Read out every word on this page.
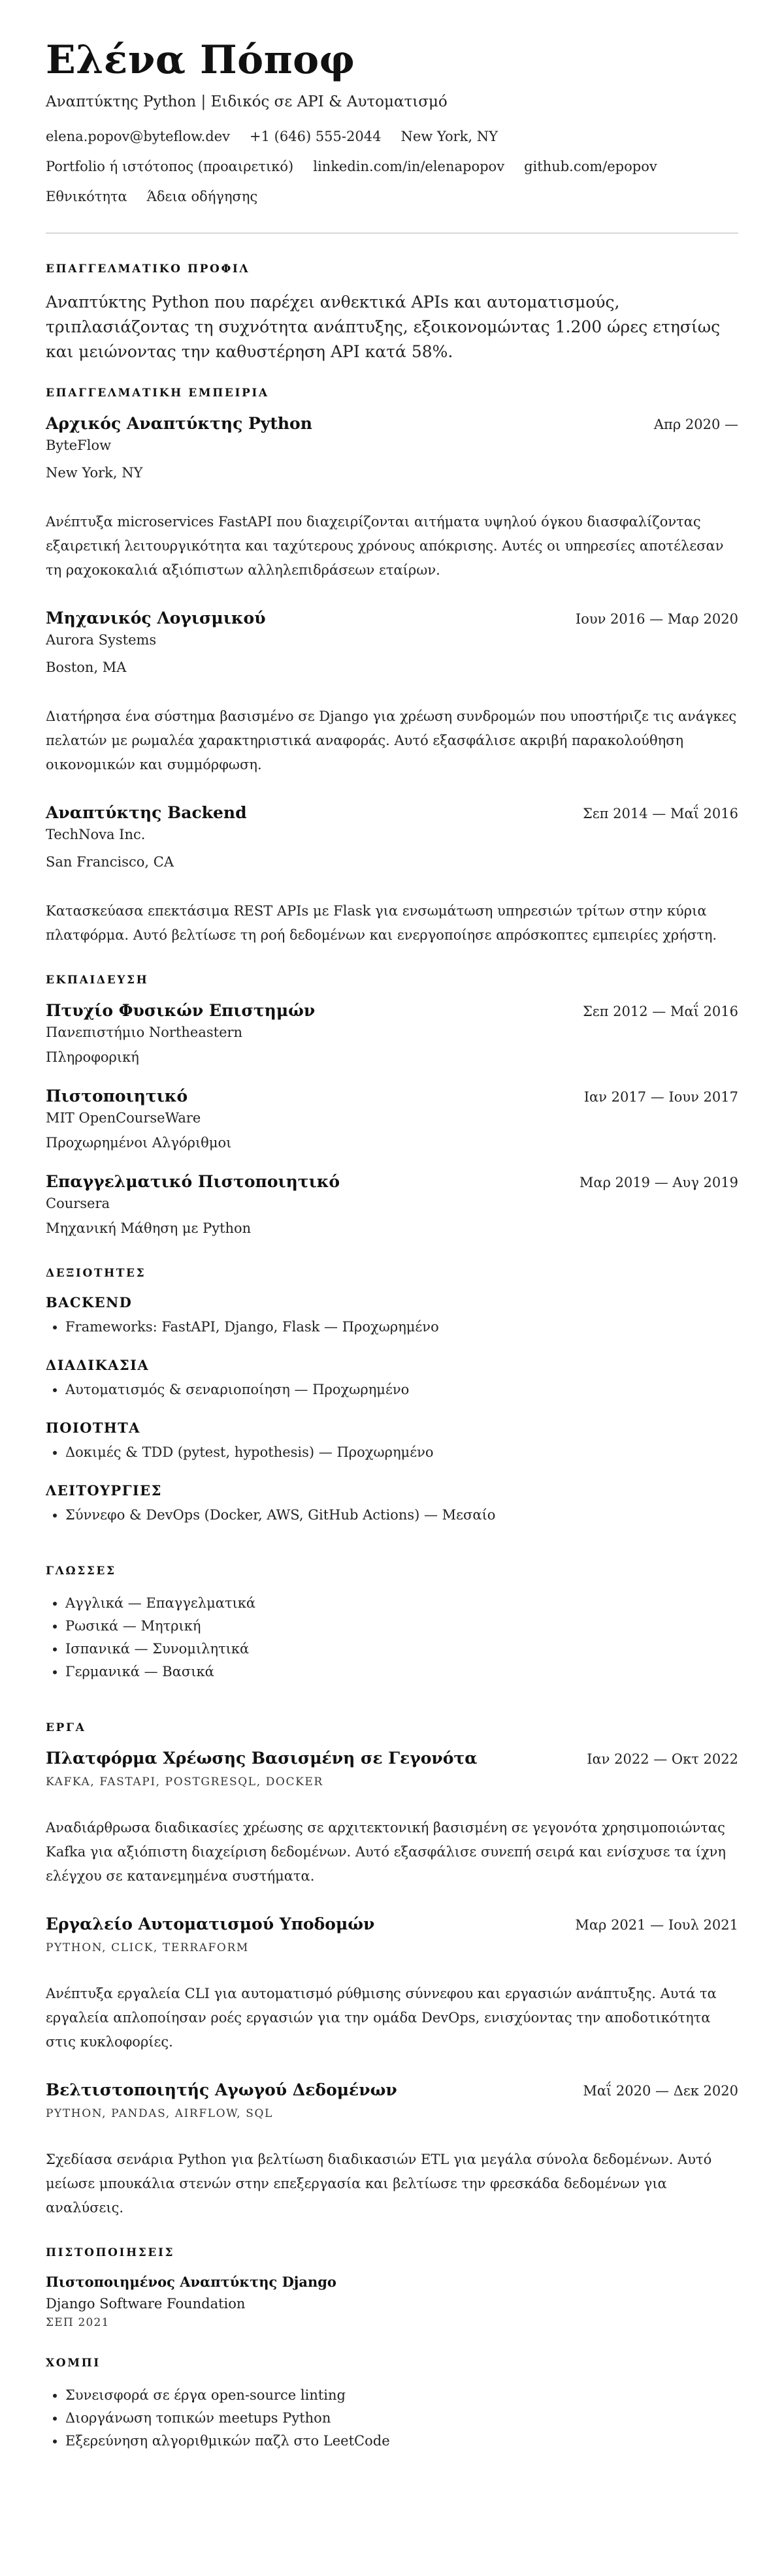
Ελένα Πόποφ
Αναπτύκτης Python | Ειδικός σε API & Αυτοματισμό
elena.popov@byteflow.dev +1 (646) 555-2044 New York, NY
Portfolio ή ιστότοπος (προαιρετικό) linkedin.com/in/elenapopov github.com/epopov
Εθνικότητα Άδεια οδήγησης
ΕΠΑΓΓΕΛΜΑΤΙΚΟ ΠΡΟΦΙΛ

Αναπτύκτης Python που παρέχει ανθεκτικά APIs και αυτοματισμούς, τριπλασιάζοντας τη συχνότητα ανάπτυξης, εξοικονομώντας 1.200 ώρες ετησίως και μειώνοντας την καθυστέρηση API κατά 58%.

ΕΠΑΓΓΕΛΜΑΤΙΚΗ ΕΜΠΕΙΡΙΑ
Αρχικός Αναπτύκτης Python	Απρ 2020 —
ByteFlow
New York, NY
Ανέπτυξα microservices FastAPI που διαχειρίζονται αιτήματα υψηλού όγκου διασφαλίζοντας εξαιρετική λειτουργικότητα και ταχύτερους χρόνους απόκρισης. Αυτές οι υπηρεσίες αποτέλεσαν τη ραχοκοκαλιά αξιόπιστων αλληλεπιδράσεων εταίρων.
Μηχανικός Λογισμικού	Ιουν 2016 — Μαρ 2020
Aurora Systems
Boston, MA
Διατήρησα ένα σύστημα βασισμένο σε Django για χρέωση συνδρομών που υποστήριζε τις ανάγκες πελατών με ρωμαλέα χαρακτηριστικά αναφοράς. Αυτό εξασφάλισε ακριβή παρακολούθηση οικονομικών και συμμόρφωση.
Αναπτύκτης Backend	Σεπ 2014 — Μαΐ 2016
TechNova Inc.
San Francisco, CA
Κατασκεύασα επεκτάσιμα REST APIs με Flask για ενσωμάτωση υπηρεσιών τρίτων στην κύρια πλατφόρμα. Αυτό βελτίωσε τη ροή δεδομένων και ενεργοποίησε απρόσκοπτες εμπειρίες χρήστη.
ΕΚΠΑΙΔΕΥΣΗ
Πτυχίο Φυσικών Επιστημών	Σεπ 2012 — Μαΐ 2016
Πανεπιστήμιο Northeastern
Πληροφορική
Πιστοποιητικό	Ιαν 2017 — Ιουν 2017
MIT OpenCourseWare
Προχωρημένοι Αλγόριθμοι
Επαγγελματικό Πιστοποιητικό	Μαρ 2019 — Αυγ 2019
Coursera
Μηχανική Μάθηση με Python
ΔΕΞΙΟΤΗΤΕΣ
BACKEND
• Frameworks: FastAPI, Django, Flask — Προχωρημένο
ΔΙΑΔΙΚΑΣΙΑ
• Αυτοματισμός & σεναριοποίηση — Προχωρημένο
ΠΟΙΟΤΗΤΑ
• Δοκιμές & TDD (pytest, hypothesis) — Προχωρημένο
ΛΕΙΤΟΥΡΓΙΕΣ
• Σύννεφο & DevOps (Docker, AWS, GitHub Actions) — Μεσαίο
ΓΛΩΣΣΕΣ
• Αγγλικά — Επαγγελματικά
• Ρωσικά — Μητρική
• Ισπανικά — Συνομιλητικά
• Γερμανικά — Βασικά
ΕΡΓΑ
Πλατφόρμα Χρέωσης Βασισμένη σε Γεγονότα	Ιαν 2022 — Οκτ 2022
KAFKA, FASTAPI, POSTGRESQL, DOCKER
Αναδιάρθρωσα διαδικασίες χρέωσης σε αρχιτεκτονική βασισμένη σε γεγονότα χρησιμοποιώντας Kafka για αξιόπιστη διαχείριση δεδομένων. Αυτό εξασφάλισε συνεπή σειρά και ενίσχυσε τα ίχνη ελέγχου σε κατανεμημένα συστήματα.
Εργαλείο Αυτοματισμού Υποδομών	Μαρ 2021 — Ιουλ 2021
PYTHON, CLICK, TERRAFORM
Ανέπτυξα εργαλεία CLI για αυτοματισμό ρύθμισης σύννεφου και εργασιών ανάπτυξης. Αυτά τα εργαλεία απλοποίησαν ροές εργασιών για την ομάδα DevOps, ενισχύοντας την αποδοτικότητα στις κυκλοφορίες.
Βελτιστοποιητής Αγωγού Δεδομένων	Μαΐ 2020 — Δεκ 2020
PYTHON, PANDAS, AIRFLOW, SQL
Σχεδίασα σενάρια Python για βελτίωση διαδικασιών ETL για μεγάλα σύνολα δεδομένων. Αυτό μείωσε μπουκάλια στενών στην επεξεργασία και βελτίωσε την φρεσκάδα δεδομένων για αναλύσεις.
ΠΙΣΤΟΠΟΙΗΣΕΙΣ
Πιστοποιημένος Αναπτύκτης Django
Django Software Foundation
ΣΕΠ 2021
ΧΟΜΠΙ
• Συνεισφορά σε έργα open-source linting
• Διοργάνωση τοπικών meetups Python
• Εξερεύνηση αλγοριθμικών παζλ στο LeetCode
